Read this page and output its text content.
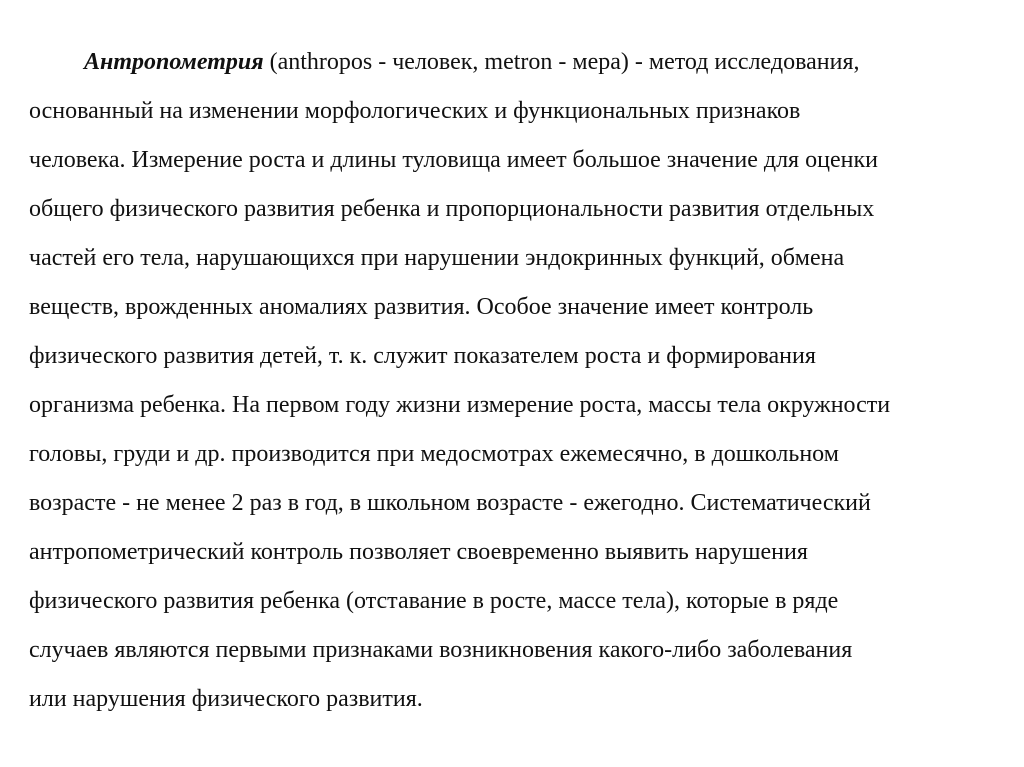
Антропометрия (anthropos - человек, metron - мера) - метод исследования,
основанный на изменении морфологических и функциональных признаков
человека. Измерение роста и длины туловища имеет большое значение для оценки
общего физического развития ребенка и пропорциональности развития отдельных
частей его тела, нарушающихся при нарушении эндокринных функций, обмена
веществ, врожденных аномалиях развития. Особое значение имеет контроль
физического развития детей, т. к. служит показателем роста и формирования
организма ребенка. На первом году жизни измерение роста, массы тела окружности
головы, груди и др. производится при медосмотрах ежемесячно, в дошкольном
возрасте - не менее 2 раз в год, в школьном возрасте - ежегодно. Систематический
антропометрический контроль позволяет своевременно выявить нарушения
физического развития ребенка (отставание в росте, массе тела), которые в ряде
случаев являются первыми признаками возникновения какого-либо заболевания
или нарушения физического развития.
